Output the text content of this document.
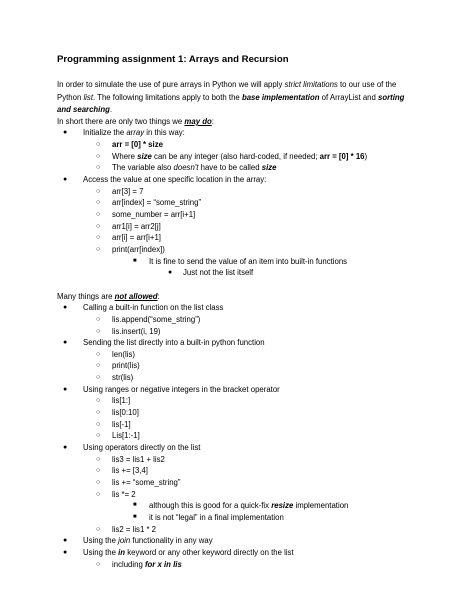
Programming assignment 1: Arrays and Recursion
In order to simulate the use of pure arrays in Python we will apply strict limitations to our use of the Python list. The following limitations apply to both the base implementation of ArrayList and sorting and searching.
In short there are only two things we may do:
● Initialize the array in this way:
○ arr = [0] * size
○ Where size can be any integer (also hard-coded, if needed; arr = [0] * 16)
○ The variable also doesn't have to be called size
● Access the value at one specific location in the array:
○ arr[3] = 7
○ arr[index] = “some_string”
○ some_number = arr[i+1]
○ arr1[i] = arr2[j]
○ arr[i] = arr[i+1]
○ print(arr[index])
■ It is fine to send the value of an item into built-in functions
● Just not the list itself
Many things are not allowed:
● Calling a built-in function on the list class
○ lis.append(“some_string”)
○ lis.insert(i, 19)
● Sending the list directly into a built-in python function
○ len(lis)
○ print(lis)
○ str(lis)
● Using ranges or negative integers in the bracket operator
○ lis[1:]
○ lis[0:10]
○ lis[-1]
○ Lis[1:-1]
● Using operators directly on the list
○ lis3 = lis1 + lis2
○ lis += [3,4]
○ lis += “some_string”
○ lis *= 2
■ although this is good for a quick-fix resize implementation
■ it is not “legal” in a final implementation
○ lis2 = lis1 * 2
● Using the join functionality in any way
● Using the in keyword or any other keyword directly on the list
○ including for x in lis
